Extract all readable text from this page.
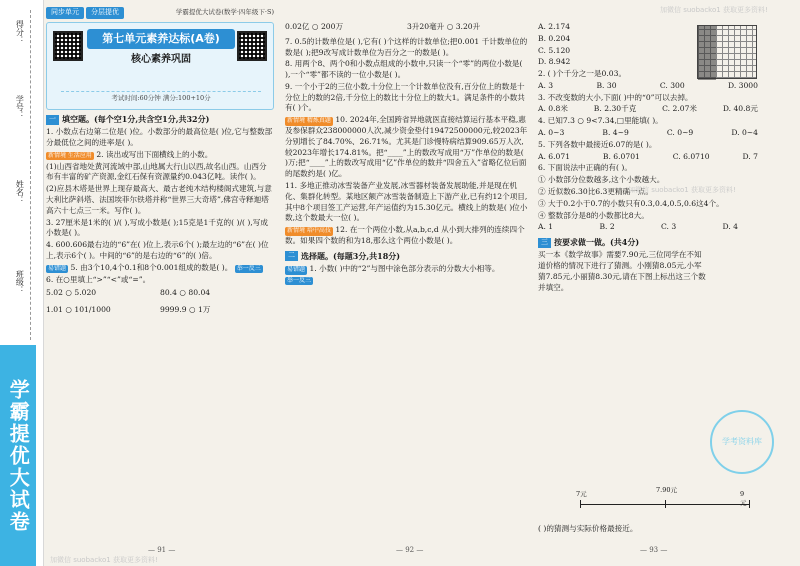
得分：
学号：
姓名：
班级：
学霸提优大试卷
同步单元	分层提优	学霸提优大试卷(数学·四年级下·S)
第七单元素养达标(A卷)
核心素养巩固
考试时间:60分钟 满分:100+10分
一 填空题。(每个空1分,共含空1分,共32分)
1. 小数点右边第二位是( )位。小数部分的最高位是( )位,它与整数部分最低位之间的进率是( )。
新情境 生活应用 2. 读出或写出下面横线上的小数。
(1)山西省地处黄河流域中部,山地属大行山以西,故名山西。山西分布有丰富的矿产资源,金红石保有资源量约0.043亿吨。读作( )。
(2)应县木塔是世界上现存最高大、最古老纯木结构楼阁式建筑,与意大利比萨斜塔、法国埃菲尔铁塔并称“世界三大奇塔”,佛宫寺释迦塔高六十七点三一米。写作( )。
3. 27厘米是1米的( )/( ),写成小数是( );15克是1千克的( )/( ),写成小数是( )。
4. 600.606最右边的“6”在( )位上,表示6个( );最左边的“6”在( )位上,表示6个( )。中间的“6”的是右边的“6”的( )倍。
易错题 5. 由3个10,4个0.1和8个0.001组成的数是( )。 举一反三
6. 在○里填上“>”“<”或“=”。
5.02 ○ 5.020	80.4 ○ 80.04
1.01 ○ 101/1000	9999.9 ○ 1万
— 91 —
0.02亿 ○ 200万	3升20毫升 ○ 3.20升
7. 0.5的计数单位是( ),它有( )个这样的计数单位;把0.001 千计数单位的数是( );把9改写成计数单位为百分之一的数是( )。
8. 用两个8、两个0和小数点组成的小数中,只读一个“零”的两位小数是( ),一个“零”都不读的一位小数是( )。
9. 一个小于2的三位小数,十分位上一个计数单位没有,百分位上的数是十分位上的数的2倍,千分位上的数比十分位上的数大1。满足条件的小数共有( )个。
新情境 精炼真题 10. 2024年,全国跨省异地就医直接结算运行基本平稳,惠及参保群众238000000人次,减少资金垫付19472500000元,较2023年分别增长了84.70%、26.71%。尤其是门诊慢特病结算909.65万人次,较2023年增长174.81%。把“____”上的数改写成用“万”作单位的数是( )万;把“____”上的数改写成用“亿”作单位的数并“四舍五入”省略亿位后面的尾数约是( )亿。
11. 多地正推动冰雪装备产业发展,冰雪器材装备发展助能,并是现在机化、集群化转型。某地区额产冰雪装备制造上下游产业,已有约12个项目,其中8个项目签工产运营,年产运值约为15.30亿元。横线上的数是( )位小数,这个数最大一位( )。
新情境 培中高技 12. 在一个两位小数,从a,b,c,d 从小到大排列的连续四个数。如果四个数的和为18,那么这个两位小数是( )。
二 选择题。(每题3分,共18分)
易错题 1. 小数( )中的“2”与图中涂色部分表示的分数大小相等。 举一反三
— 92 —
A. 2.174
B. 0.204
C. 5.120
D. 8.942
2. ( )个千分之一是0.03。
A. 3	B. 30	C. 300	D. 3000
3. 不改变数的大小,下面( )中的“0”可以去掉。
A. 0.8米	B. 2.30千克	C. 2.07米	D. 40.8元
4. 已知7.3 ○ 9<7.34,□里能填( )。
A. 0~3	B. 4~9	C. 0~9	D. 0~4
5. 下列各数中最接近6.07的是( )。
A. 6.071	B. 6.0701	C. 6.0710	D. 7
6. 下面说法中正确的有( )。
① 小数部分位数越多,这个小数越大。
② 近似数6.30比6.3更精确一点。
③ 大于0.2小于0.7的小数只有0.3,0.4,0.5,0.6这4个。
④ 整数部分是8的小数都比8大。
A. 1	B. 2	C. 3	D. 4
三 按要求做一做。(共4分)
买一本《数学故事》需要7.90元,三位同学在不知道价格的情况下进行了猜测。小刚猜8.05元,小军猜7.85元,小丽猜8.30元,请在下图上标出这三个数并填空。
学考资料库
7元	7.90元	9元
( )的猜测与实际价格最接近。
— 93 —
加微信 suobacko1 获取更多资料!
加微信 suobacko1 获取更多资料!
加微信 suobacko1 获取更多资料!
